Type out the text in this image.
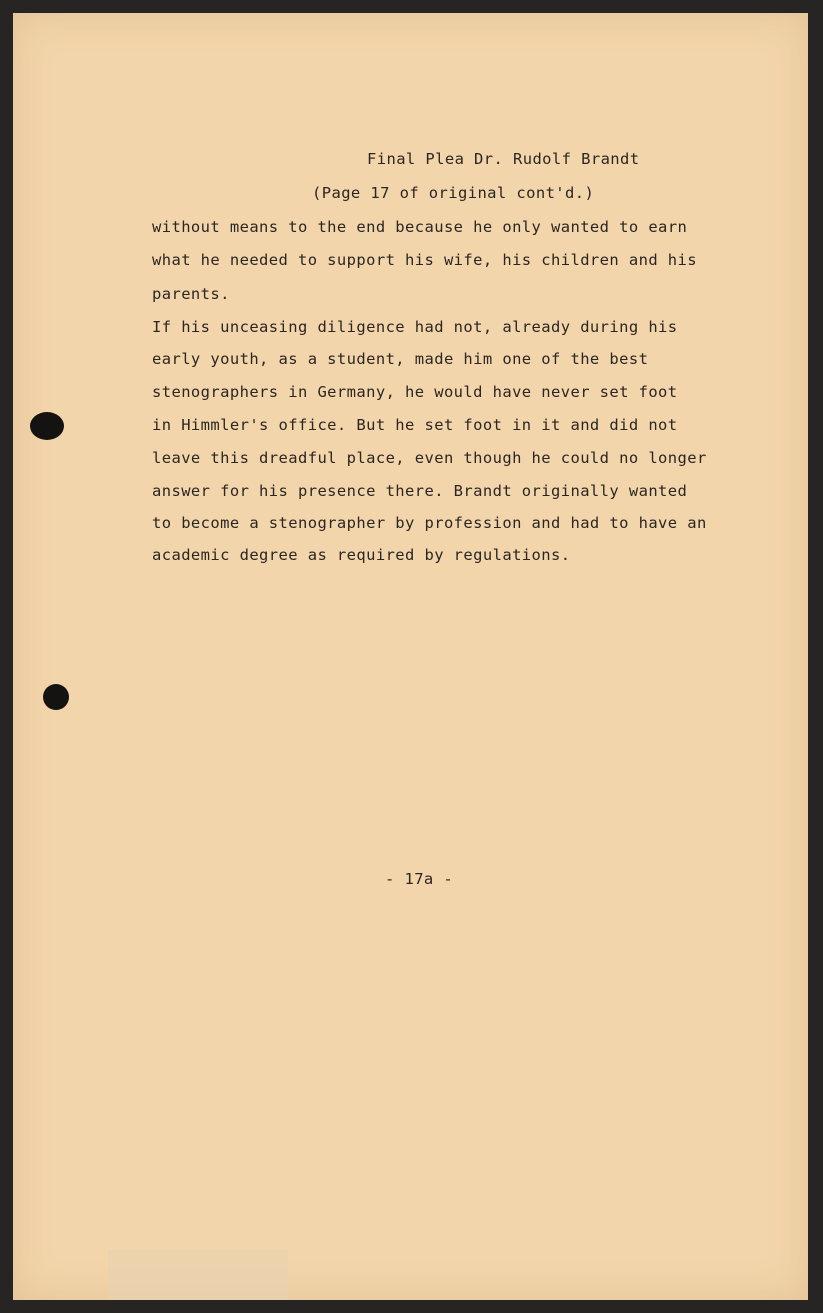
Final Plea Dr. Rudolf Brandt
(Page 17 of original cont'd.)
without means to the end because he only wanted to earn
what he needed to support his wife, his children and his
parents.
If his unceasing diligence had not, already during his
early youth, as a student, made him one of the best
stenographers in Germany, he would have never set foot
in Himmler's office. But he set foot in it and did not
leave this dreadful place, even though he could no longer
answer for his presence there. Brandt originally wanted
to become a stenographer by profession and had to have an
academic degree as required by regulations.
- 17a -
